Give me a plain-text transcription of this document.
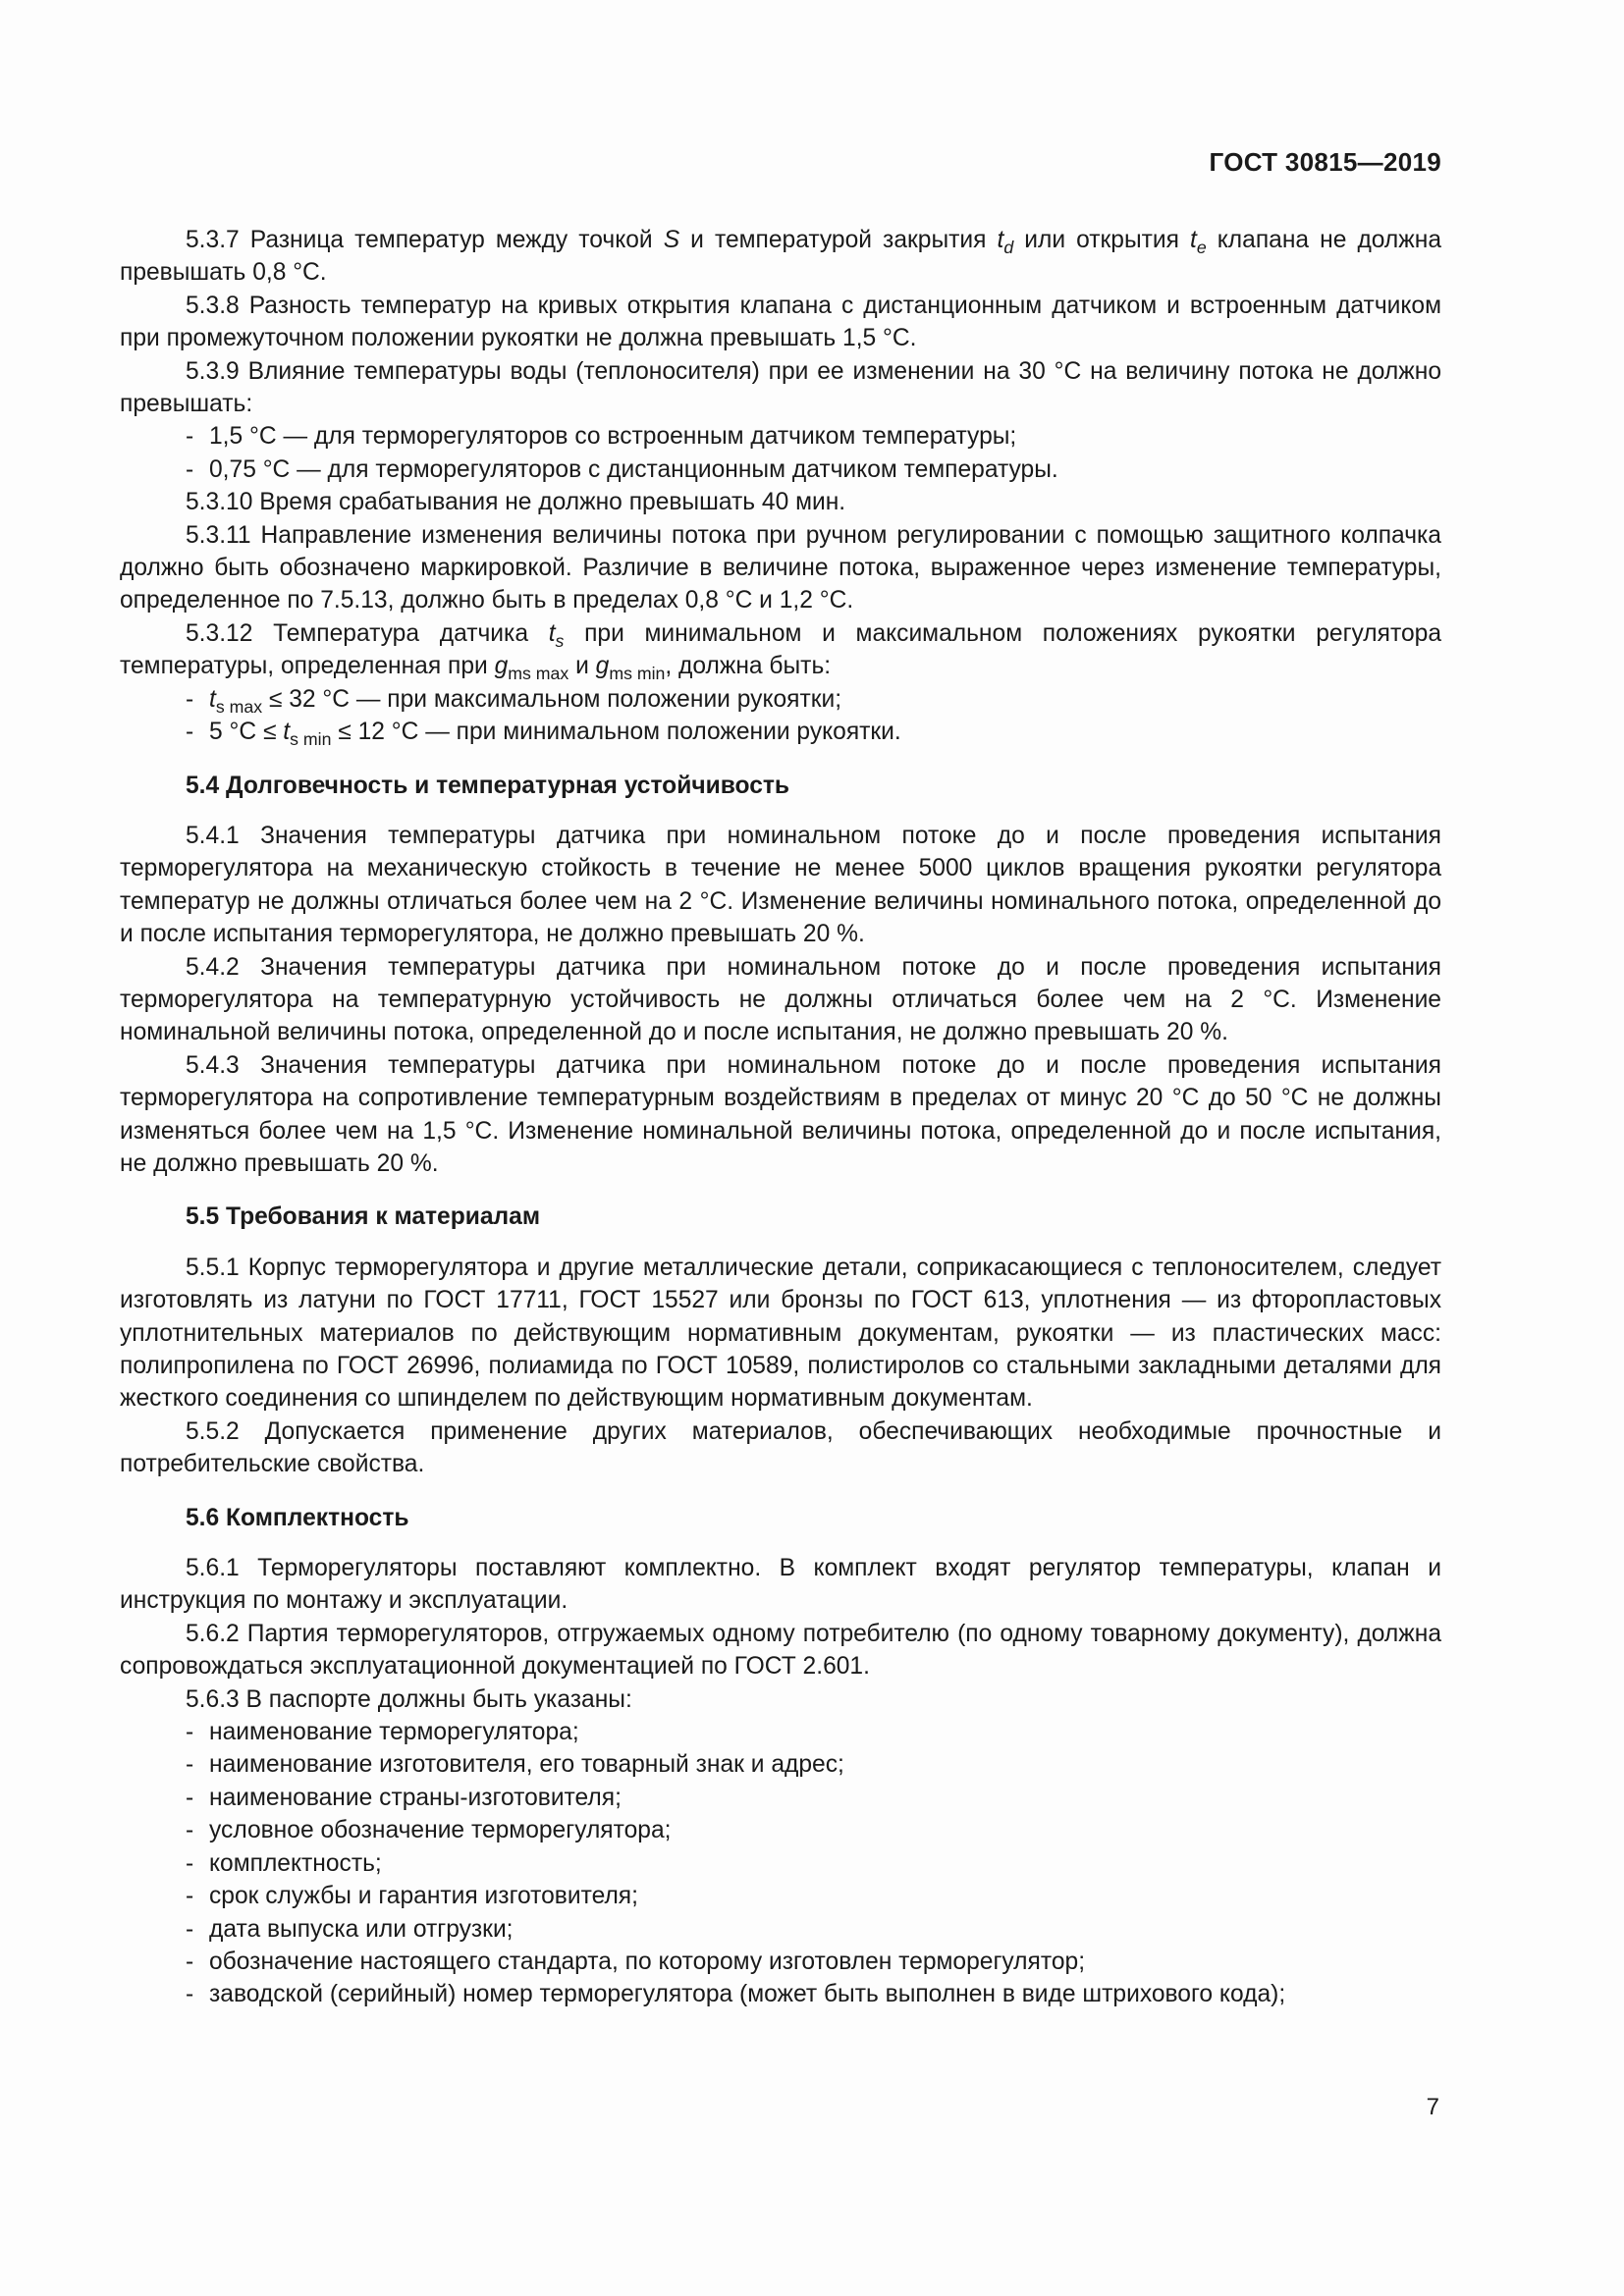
ГОСТ 30815—2019

5.3.7 Разница температур между точкой S и температурой закрытия $t_d$ или открытия $t_e$ клапана не должна превышать 0,8 °С.

5.3.8 Разность температур на кривых открытия клапана с дистанционным датчиком и встроенным датчиком при промежуточном положении рукоятки не должна превышать 1,5 °С.

5.3.9 Влияние температуры воды (теплоносителя) при ее изменении на 30 °С на величину потока не должно превышать:

- 1,5 °С — для терморегуляторов со встроенным датчиком температуры;
- 0,75 °С — для терморегуляторов с дистанционным датчиком температуры.

5.3.10 Время срабатывания не должно превышать 40 мин.

5.3.11 Направление изменения величины потока при ручном регулировании с помощью защитного колпачка должно быть обозначено маркировкой. Различие в величине потока, выраженное через изменение температуры, определенное по 7.5.13, должно быть в пределах 0,8 °С и 1,2 °С.

5.3.12 Температура датчика $t_s$ при минимальном и максимальном положениях рукоятки регулятора температуры, определенная при $g_{ms max}$ и $g_{ms min}$, должна быть:

- $t_{s max} \le 32$ °С — при максимальном положении рукоятки;
- 5 $^\circ С \le t_{s min} \le 12$ °С — при минимальном положении рукоятки.
5.4 Долговечность и температурная устойчивость

5.4.1 Значения температуры датчика при номинальном потоке до и после проведения испытания терморегулятора на механическую стойкость в течение не менее 5000 циклов вращения рукоятки регулятора температур не должны отличаться более чем на 2 °С. Изменение величины номинального потока, определенной до и после испытания терморегулятора, не должно превышать 20 %.

5.4.2 Значения температуры датчика при номинальном потоке до и после проведения испытания терморегулятора на температурную устойчивость не должны отличаться более чем на 2 °С. Изменение номинальной величины потока, определенной до и после испытания, не должно превышать 20 %.

5.4.3 Значения температуры датчика при номинальном потоке до и после проведения испытания терморегулятора на сопротивление температурным воздействиям в пределах от минус 20 °С до 50 °С не должны изменяться более чем на 1,5 °С. Изменение номинальной величины потока, определенной до и после испытания, не должно превышать 20 %.

5.5 Требования к материалам

5.5.1 Корпус терморегулятора и другие металлические детали, соприкасающиеся с теплоносителем, следует изготовлять из латуни по ГОСТ 17711, ГОСТ 15527 или бронзы по ГОСТ 613, уплотнения — из фторопластовых уплотнительных материалов по действующим нормативным документам, рукоятки — из пластических масс: полипропилена по ГОСТ 26996, полиамида по ГОСТ 10589, полистиролов со стальными закладными деталями для жесткого соединения со шпинделем по действующим нормативным документам.

5.5.2 Допускается применение других материалов, обеспечивающих необходимые прочностные и потребительские свойства.

5.6 Комплектность

5.6.1 Терморегуляторы поставляют комплектно. В комплект входят регулятор температуры, клапан и инструкция по монтажу и эксплуатации.

5.6.2 Партия терморегуляторов, отгружаемых одному потребителю (по одному товарному документу), должна сопровождаться эксплуатационной документацией по ГОСТ 2.601.

5.6.3 В паспорте должны быть указаны:

- наименование терморегулятора;
- наименование изготовителя, его товарный знак и адрес;
- наименование страны-изготовителя;
- условное обозначение терморегулятора;
- комплектность;
- срок службы и гарантия изготовителя;
- дата выпуска или отгрузки;
- обозначение настоящего стандарта, по которому изготовлен терморегулятор;
- заводской (серийный) номер терморегулятора (может быть выполнен в виде штрихового кода);
7
